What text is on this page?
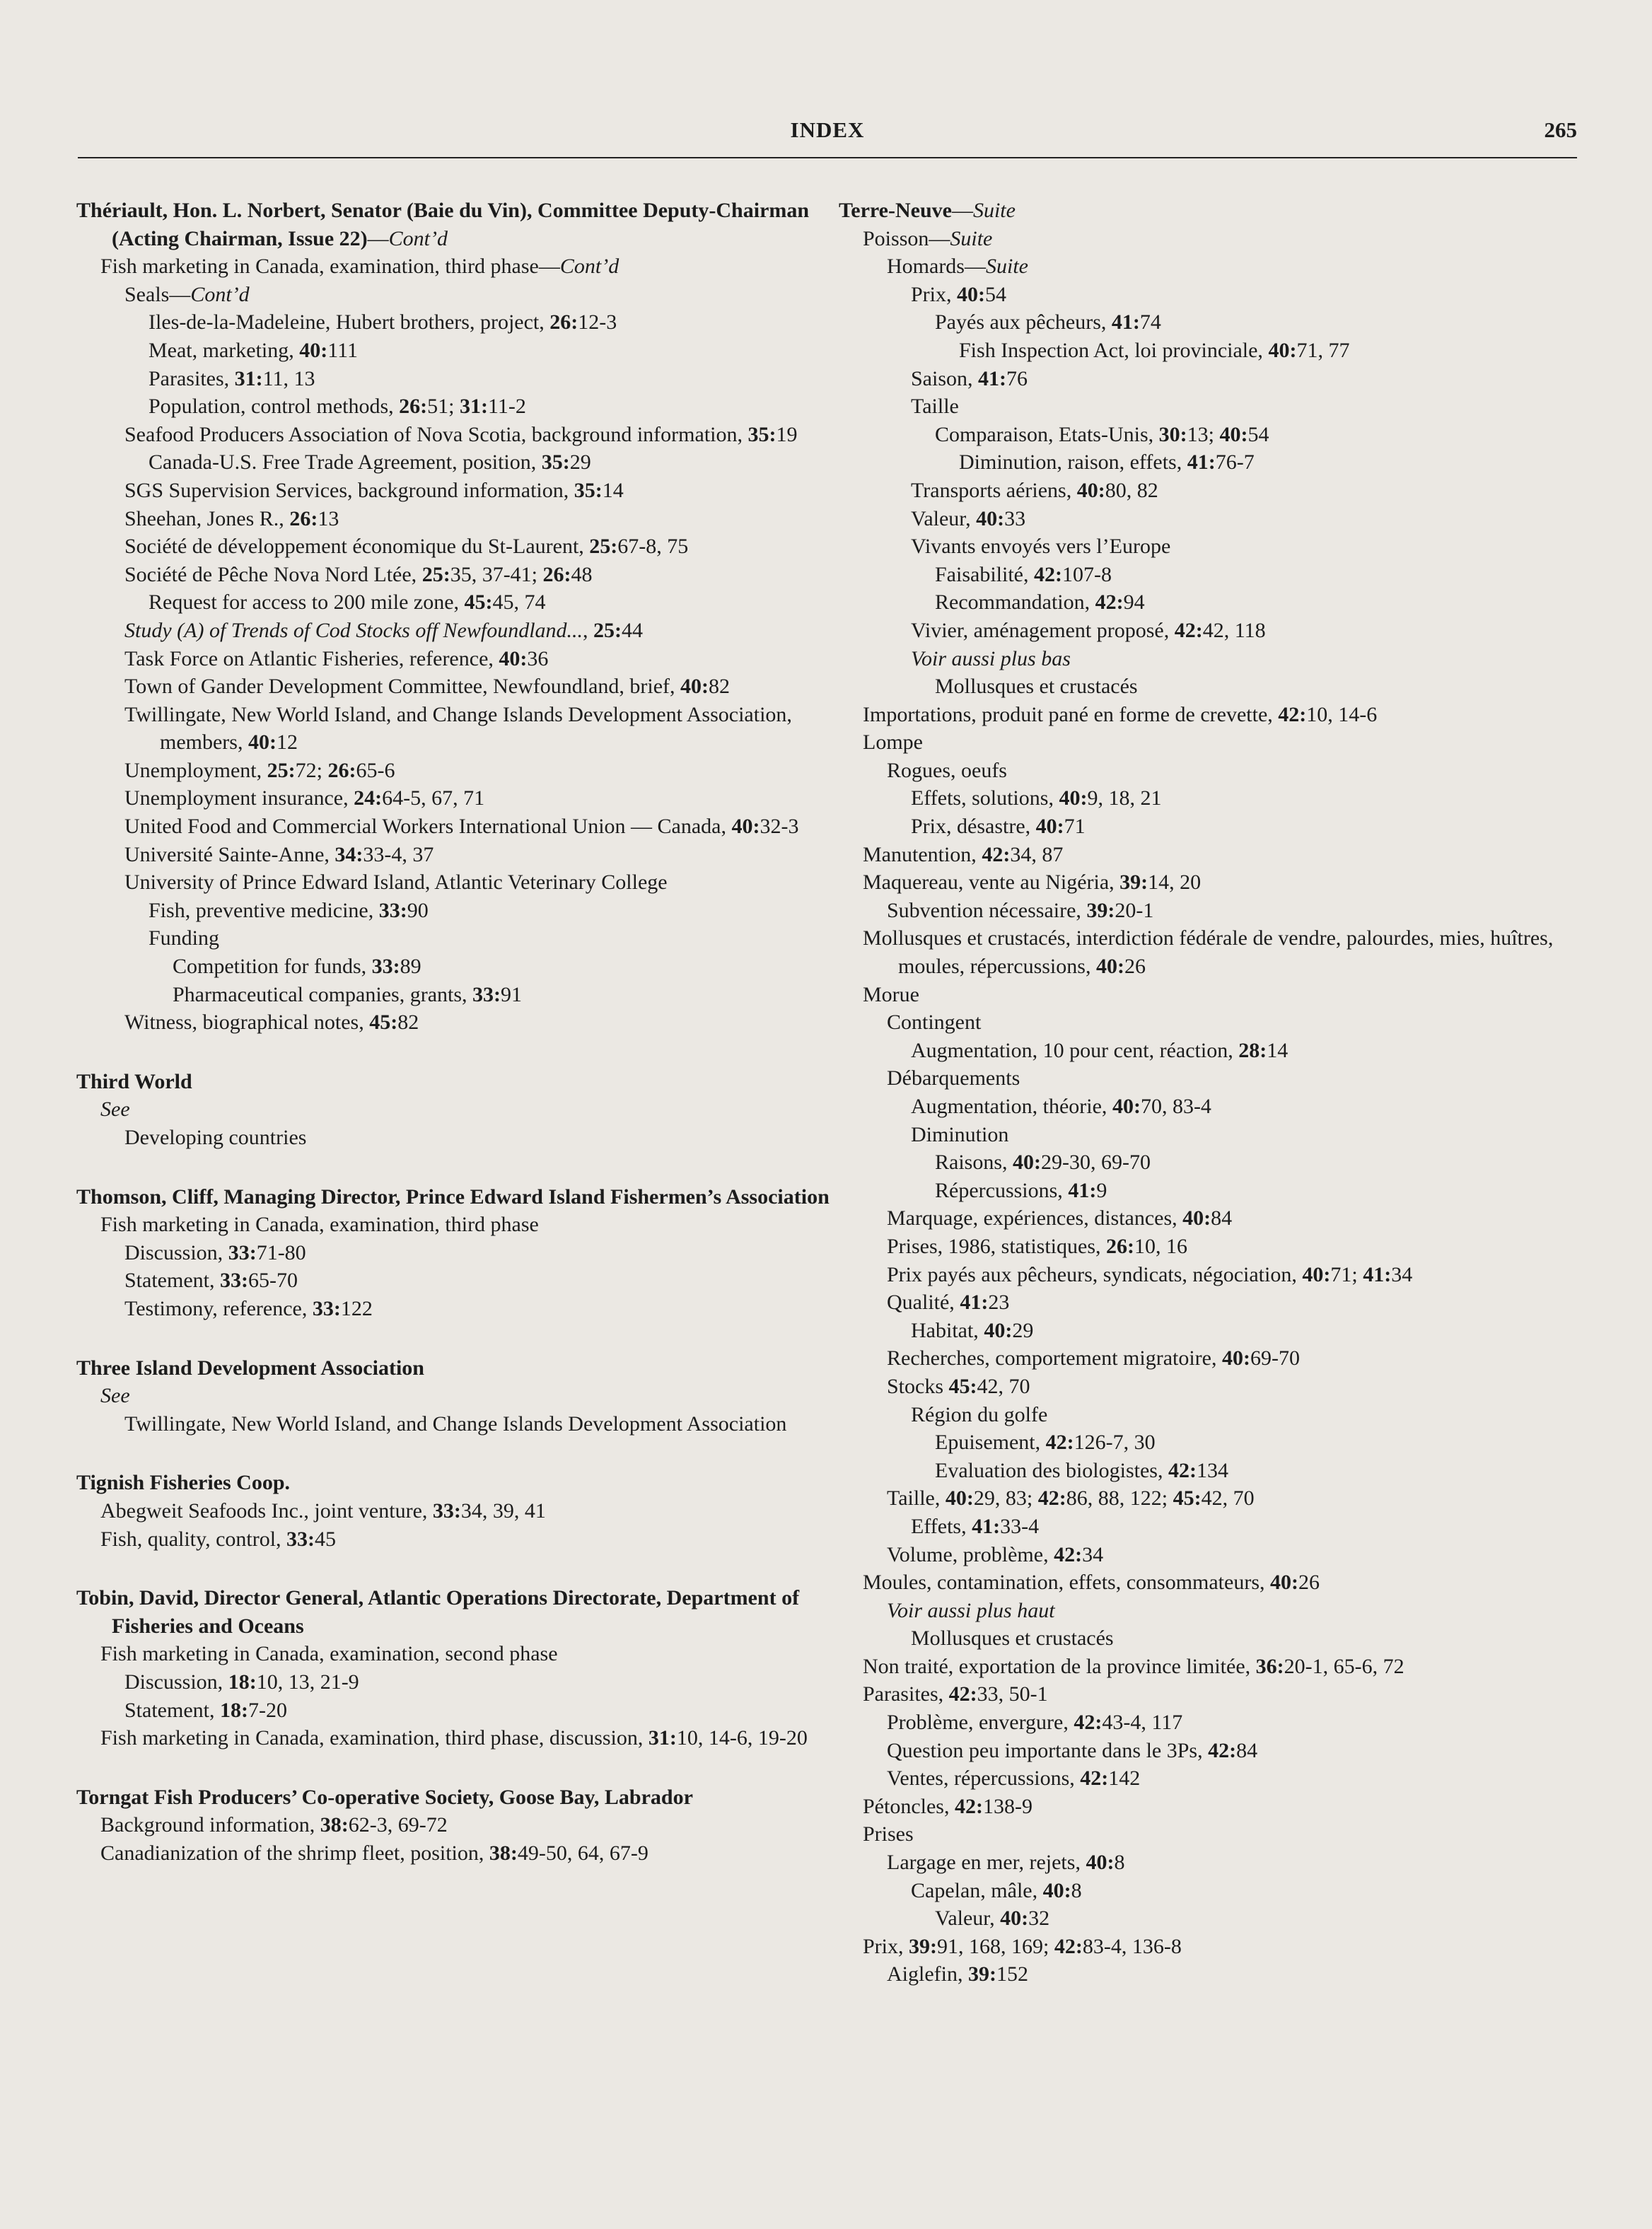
INDEX	265

Thériault, Hon. L. Norbert, Senator (Baie du Vin), Committee Deputy-Chairman (Acting Chairman, Issue 22)—Cont’d

Fish marketing in Canada, examination, third phase—Cont’d

Seals—Cont’d

Iles-de-la-Madeleine, Hubert brothers, project, 26:12-3

Meat, marketing, 40:111

Parasites, 31:11, 13

Population, control methods, 26:51; 31:11-2

Seafood Producers Association of Nova Scotia, background information, 35:19

Canada-U.S. Free Trade Agreement, position, 35:29

SGS Supervision Services, background information, 35:14

Sheehan, Jones R., 26:13

Société de développement économique du St-Laurent, 25:67-8, 75

Société de Pêche Nova Nord Ltée, 25:35, 37-41; 26:48

Request for access to 200 mile zone, 45:45, 74

Study (A) of Trends of Cod Stocks off Newfoundland..., 25:44

Task Force on Atlantic Fisheries, reference, 40:36

Town of Gander Development Committee, Newfoundland, brief, 40:82

Twillingate, New World Island, and Change Islands Development Association, members, 40:12

Unemployment, 25:72; 26:65-6

Unemployment insurance, 24:64-5, 67, 71

United Food and Commercial Workers International Union — Canada, 40:32-3

Université Sainte-Anne, 34:33-4, 37

University of Prince Edward Island, Atlantic Veterinary College

Fish, preventive medicine, 33:90

Funding

Competition for funds, 33:89

Pharmaceutical companies, grants, 33:91

Witness, biographical notes, 45:82

Third World

See

Developing countries

Thomson, Cliff, Managing Director, Prince Edward Island Fishermen’s Association

Fish marketing in Canada, examination, third phase

Discussion, 33:71-80

Statement, 33:65-70

Testimony, reference, 33:122

Three Island Development Association

See

Twillingate, New World Island, and Change Islands Development Association

Tignish Fisheries Coop.

Abegweit Seafoods Inc., joint venture, 33:34, 39, 41

Fish, quality, control, 33:45

Tobin, David, Director General, Atlantic Operations Directorate, Department of Fisheries and Oceans

Fish marketing in Canada, examination, second phase

Discussion, 18:10, 13, 21-9

Statement, 18:7-20

Fish marketing in Canada, examination, third phase, discussion, 31:10, 14-6, 19-20

Torngat Fish Producers’ Co-operative Society, Goose Bay, Labrador

Background information, 38:62-3, 69-72

Canadianization of the shrimp fleet, position, 38:49-50, 64, 67-9

Terre-Neuve—Suite

Poisson—Suite

Homards—Suite

Prix, 40:54

Payés aux pêcheurs, 41:74

Fish Inspection Act, loi provinciale, 40:71, 77

Saison, 41:76

Taille

Comparaison, Etats-Unis, 30:13; 40:54

Diminution, raison, effets, 41:76-7

Transports aériens, 40:80, 82

Valeur, 40:33

Vivants envoyés vers l’Europe

Faisabilité, 42:107-8

Recommandation, 42:94

Vivier, aménagement proposé, 42:42, 118

Voir aussi plus bas

Mollusques et crustacés

Importations, produit pané en forme de crevette, 42:10, 14-6

Lompe

Rogues, oeufs

Effets, solutions, 40:9, 18, 21

Prix, désastre, 40:71

Manutention, 42:34, 87

Maquereau, vente au Nigéria, 39:14, 20

Subvention nécessaire, 39:20-1

Mollusques et crustacés, interdiction fédérale de vendre, palourdes, mies, huîtres, moules, répercussions, 40:26

Morue

Contingent

Augmentation, 10 pour cent, réaction, 28:14

Débarquements

Augmentation, théorie, 40:70, 83-4

Diminution

Raisons, 40:29-30, 69-70

Répercussions, 41:9

Marquage, expériences, distances, 40:84

Prises, 1986, statistiques, 26:10, 16

Prix payés aux pêcheurs, syndicats, négociation, 40:71; 41:34

Qualité, 41:23

Habitat, 40:29

Recherches, comportement migratoire, 40:69-70

Stocks 45:42, 70

Région du golfe

Epuisement, 42:126-7, 30

Evaluation des biologistes, 42:134

Taille, 40:29, 83; 42:86, 88, 122; 45:42, 70

Effets, 41:33-4

Volume, problème, 42:34

Moules, contamination, effets, consommateurs, 40:26

Voir aussi plus haut

Mollusques et crustacés

Non traité, exportation de la province limitée, 36:20-1, 65-6, 72

Parasites, 42:33, 50-1

Problème, envergure, 42:43-4, 117

Question peu importante dans le 3Ps, 42:84

Ventes, répercussions, 42:142

Pétoncles, 42:138-9

Prises

Largage en mer, rejets, 40:8

Capelan, mâle, 40:8

Valeur, 40:32

Prix, 39:91, 168, 169; 42:83-4, 136-8

Aiglefin, 39:152
